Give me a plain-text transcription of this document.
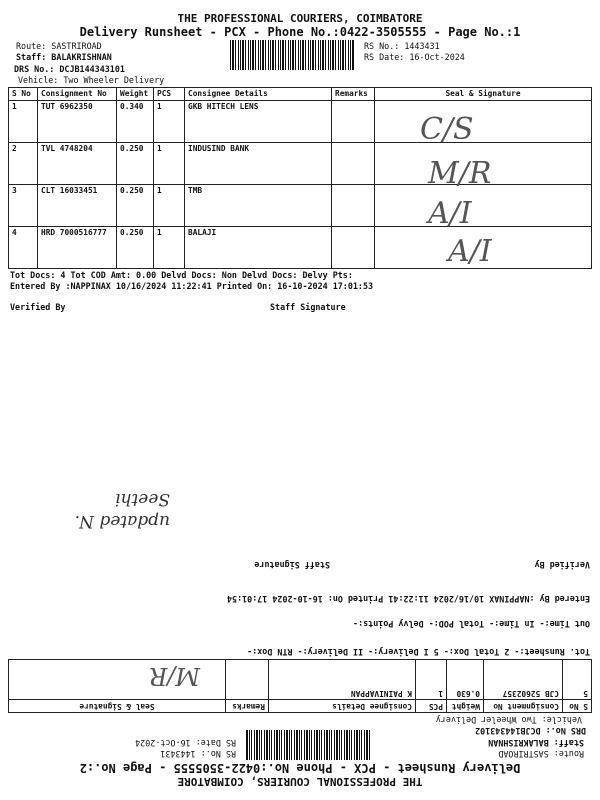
THE PROFESSIONAL COURIERS, COIMBATORE
Delivery Runsheet - PCX - Phone No.:0422-3505555 - Page No.:1
Route: SASTRIROAD
Staff: BALAKRISHNAN
RS No.: 1443431
RS Date: 16-Oct-2024
DRS No.: DCJB144343101
Vehicle: Two Wheeler Delivery
S No	Consignment No	Weight	PCS	Consignee Details	Remarks	Seal & Signature
1	TUT 6962350	0.340	1	GKB HITECH LENS		
2	TVL 4748204	0.250	1	INDUSIND BANK		
3	CLT 16033451	0.250	1	TMB		
4	HRD 7000516777	0.250	1	BALAJI		
C/S
M/R
A/I
A/I
Tot Docs: 4 Tot COD Amt: 0.00 Delvd Docs: Non Delvd Docs: Delvy Pts:
Entered By :NAPPINAX 10/16/2024 11:22:41 Printed On: 16-10-2024 17:01:53
Verified By	Staff Signature
THE PROFESSIONAL COURIERS, COIMBATORE
Delivery Runsheet - PCX - Phone No.:0422-3505555 - Page No.:2
Route: SASTRIROAD
Staff: BALAKRISHNAN
RS No.: 1443431
RS Date: 16-Oct-2024
DRS No.: DCJB144343102
Vehicle: Two Wheeler Delivery
S No	Consignment No	Weight	PCS	Consignee Details	Remarks	Seal & Signature
5	CJB 52602357	0.630	1	K PAINIVAPPAN		
M/R
Tot. Runsheet:- 2 Total Dox:- 5 I Delivery:- II Delivery:- RTN Dox:-
Out Time:- In Time:- Total POD:- Delvy Points:-
Entered By :NAPPINAX 10/16/2024 11:22:41 Printed On: 16-10-2024 17:01:54
Verified By
Staff Signature
updated N. Seethi
